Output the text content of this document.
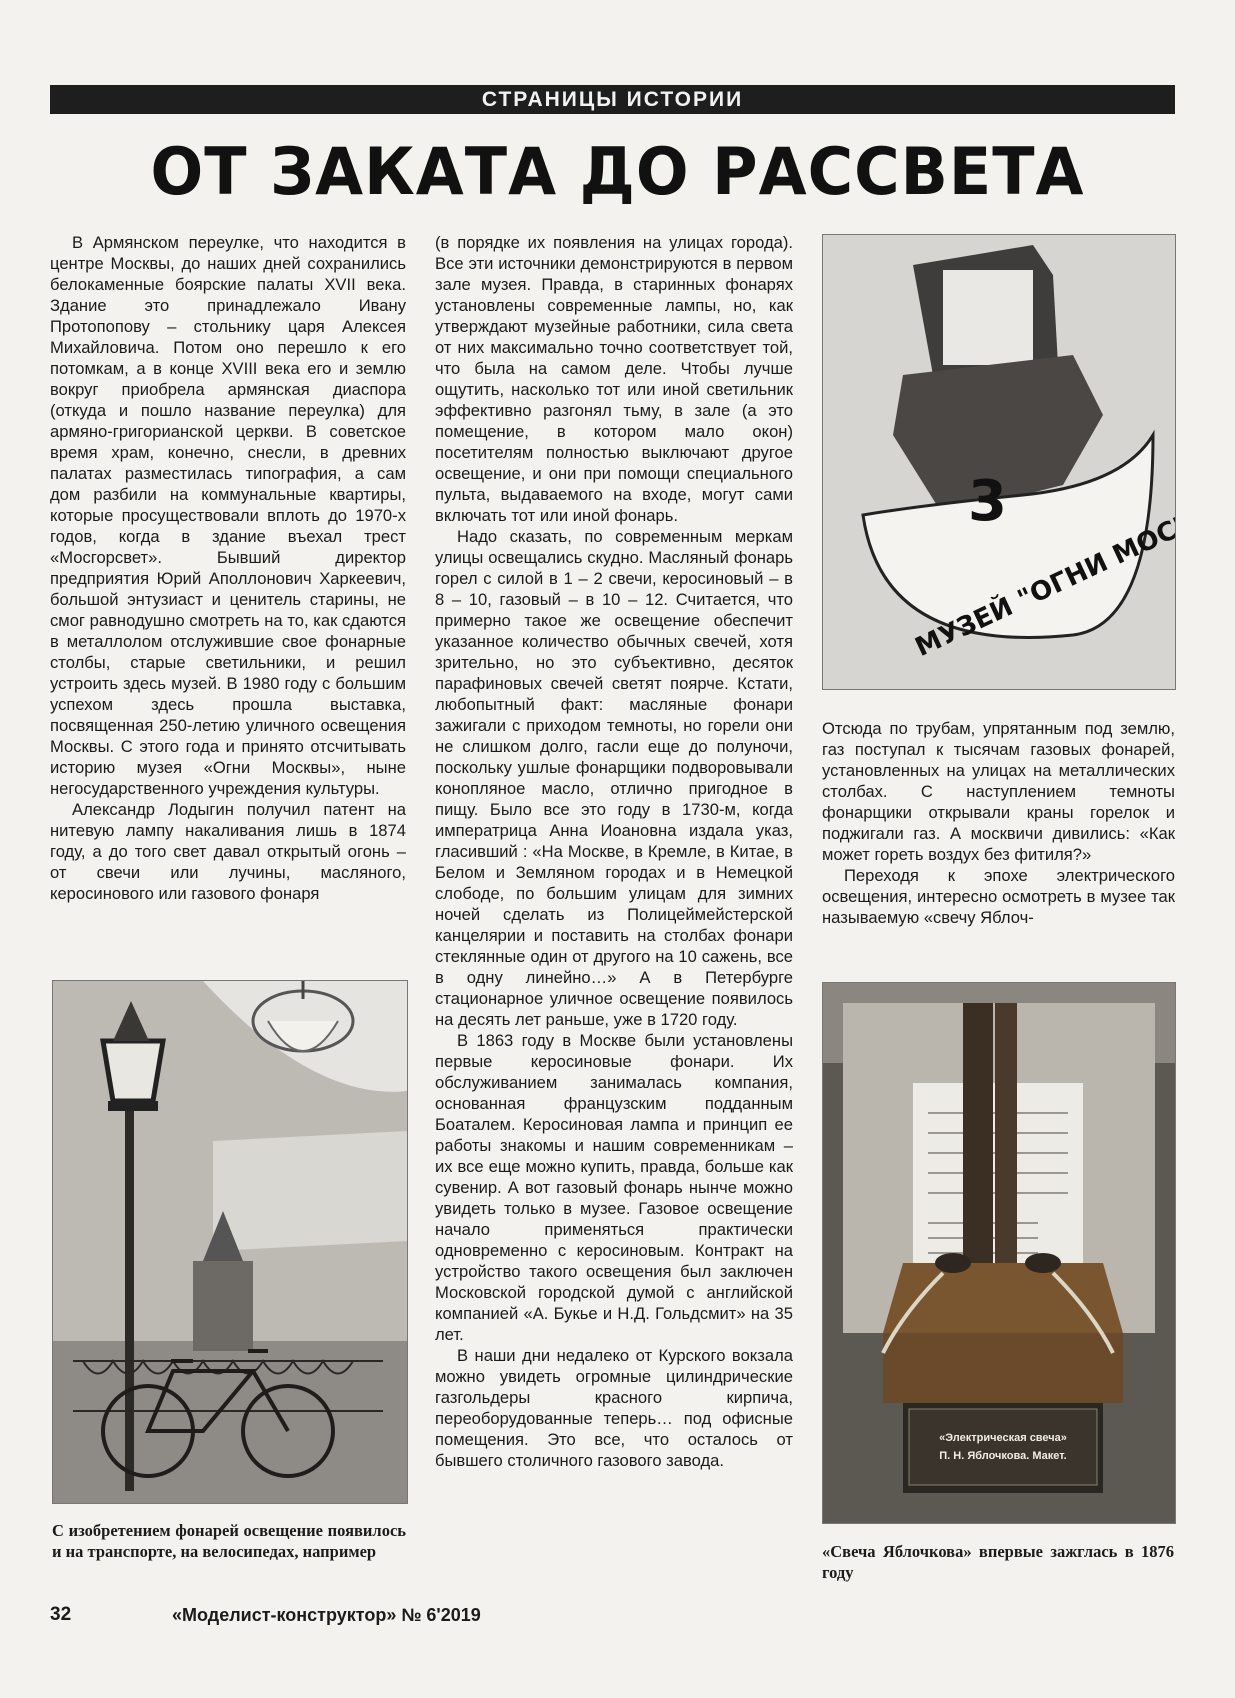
СТРАНИЦЫ ИСТОРИИ
ОТ ЗАКАТА ДО РАССВЕТА

В Армянском переулке, что находится в центре Москвы, до наших дней сохранились белокаменные боярские палаты XVII века. Здание это принадлежало Ивану Протопопову – стольнику царя Алексея Михайловича. Потом оно перешло к его потомкам, а в конце XVIII века его и землю вокруг приобрела армянская диаспора (откуда и пошло название переулка) для армяно-григорианской церкви. В советское время храм, конечно, снесли, в древних палатах разместилась типография, а сам дом разбили на коммунальные квартиры, которые просуществовали вплоть до 1970-х годов, когда в здание въехал трест «Мосгорсвет». Бывший директор предприятия Юрий Аполлонович Харкеевич, большой энтузиаст и ценитель старины, не смог равнодушно смотреть на то, как сдаются в металлолом отслужившие свое фонарные столбы, старые светильники, и решил устроить здесь музей. В 1980 году с большим успехом здесь прошла выставка, посвященная 250-летию уличного освещения Москвы. С этого года и принято отсчитывать историю музея «Огни Москвы», ныне негосударственного учреждения культуры.

Александр Лодыгин получил патент на нитевую лампу накаливания лишь в 1874 году, а до того свет давал открытый огонь – от свечи или лучины, масляного, керосинового или газового фонаря

(в порядке их появления на улицах города). Все эти источники демонстрируются в первом зале музея. Правда, в старинных фонарях установлены современные лампы, но, как утверждают музейные работники, сила света от них максимально точно соответствует той, что была на самом деле. Чтобы лучше ощутить, насколько тот или иной светильник эффективно разгонял тьму, в зале (а это помещение, в котором мало окон) посетителям полностью выключают другое освещение, и они при помощи специального пульта, выдаваемого на входе, могут сами включать тот или иной фонарь.

Надо сказать, по современным меркам улицы освещались скудно. Масляный фонарь горел с силой в 1 – 2 свечи, керосиновый – в 8 – 10, газовый – в 10 – 12. Считается, что примерно такое же освещение обеспечит указанное количество обычных свечей, хотя зрительно, но это субъективно, десяток парафиновых свечей светят поярче. Кстати, любопытный факт: масляные фонари зажигали с приходом темноты, но горели они не слишком долго, гасли еще до полуночи, поскольку ушлые фонарщики подворовывали конопляное масло, отлично пригодное в пищу. Было все это году в 1730-м, когда императрица Анна Иоановна издала указ, гласивший : «На Москве, в Кремле, в Китае, в Белом и Земляном городах и в Немецкой слободе, по большим улицам для зимних ночей сделать из Полицеймейстерской канцелярии и поставить на столбах фонари стеклянные один от другого на 10 сажень, все в одну линейно…» А в Петербурге стационарное уличное освещение появилось на десять лет раньше, уже в 1720 году.

В 1863 году в Москве были установлены первые керосиновые фонари. Их обслуживанием занималась компания, основанная французским подданным Боаталем. Керосиновая лампа и принцип ее работы знакомы и нашим современникам – их все еще можно купить, правда, больше как сувенир. А вот газовый фонарь нынче можно увидеть только в музее. Газовое освещение начало применяться практически одновременно с керосиновым. Контракт на устройство такого освещения был заключен Московской городской думой с английской компанией «А. Букье и Н.Д. Гольдсмит» на 35 лет.

В наши дни недалеко от Курского вокзала можно увидеть огромные цилиндрические газгольдеры красного кирпича, переоборудованные теперь… под офисные помещения. Это все, что осталось от бывшего столичного газового завода.

Отсюда по трубам, упрятанным под землю, газ поступал к тысячам газовых фонарей, установленных на улицах на металлических столбах. С наступлением темноты фонарщики открывали краны горелок и поджигали газ. А москвичи дивились: «Как может гореть воздух без фитиля?»

Переходя к эпохе электрического освещения, интересно осмотреть в музее так называемую «свечу Яблоч-

3
МУЗЕЙ "ОГНИ
«Электрическая свеча»
П. Н. Яблочкова. Макет.
С изобретением фонарей освещение появилось и на транспорте, на велосипедах, например	«Свеча Яблочкова» впервые зажглась в 1876 году
32	«Моделист-конструктор» № 6'2019
